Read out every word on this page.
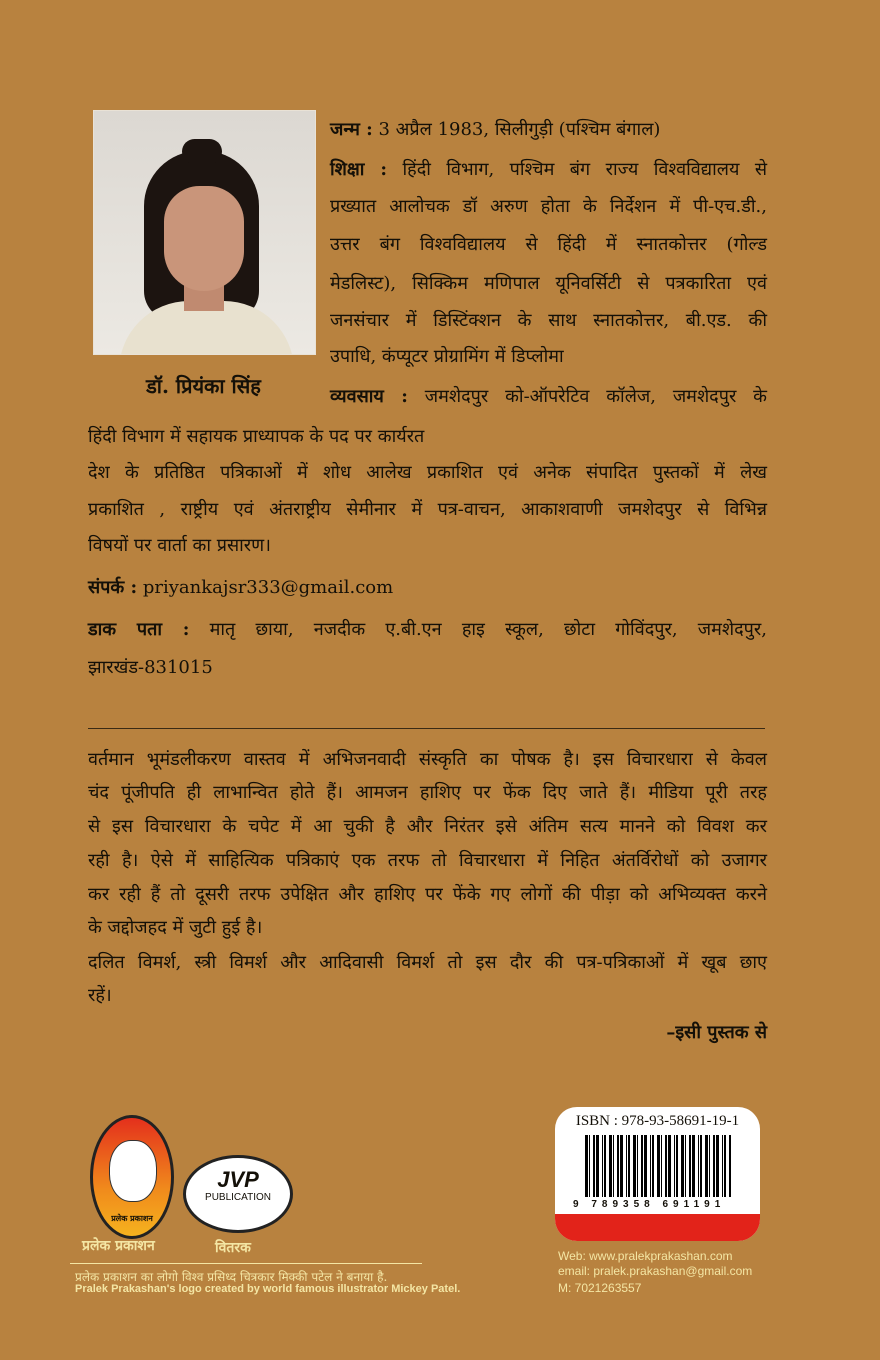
डॉ. प्रियंका सिंह
जन्म : 3 अप्रैल 1983, सिलीगुड़ी (पश्चिम बंगाल)
शिक्षा : हिंदी विभाग, पश्चिम बंग राज्य विश्वविद्यालय से
प्रख्यात आलोचक डॉ अरुण होता के निर्देशन में पी-एच.डी.,
उत्तर बंग विश्वविद्यालय से हिंदी में स्नातकोत्तर (गोल्ड
मेडलिस्ट), सिक्किम मणिपाल यूनिवर्सिटी से पत्रकारिता एवं
जनसंचार में डिस्टिंक्शन के साथ स्नातकोत्तर, बी.एड. की
उपाधि, कंप्यूटर प्रोग्रामिंग में डिप्लोमा
व्यवसाय : जमशेदपुर को-ऑपरेटिव कॉलेज, जमशेदपुर के
हिंदी विभाग में सहायक प्राध्यापक के पद पर कार्यरत
देश के प्रतिष्ठित पत्रिकाओं में शोध आलेख प्रकाशित एवं अनेक संपादित पुस्तकों में लेख
प्रकाशित , राष्ट्रीय एवं अंतराष्ट्रीय सेमीनार में पत्र-वाचन, आकाशवाणी जमशेदपुर से विभिन्न
विषयों पर वार्ता का प्रसारण।
संपर्क : priyankajsr333@gmail.com
डाक पता : मातृ छाया, नजदीक ए.बी.एन हाइ स्कूल, छोटा गोविंदपुर, जमशेदपुर,
झारखंड-831015
वर्तमान भूमंडलीकरण वास्तव में अभिजनवादी संस्कृति का पोषक है। इस विचारधारा से केवल
चंद पूंजीपति ही लाभान्वित होते हैं। आमजन हाशिए पर फेंक दिए जाते हैं। मीडिया पूरी तरह
से इस विचारधारा के चपेट में आ चुकी है और निरंतर इसे अंतिम सत्य मानने को विवश कर
रही है। ऐसे में साहित्यिक पत्रिकाएं एक तरफ तो विचारधारा में निहित अंतर्विरोधों को उजागर
कर रही हैं तो दूसरी तरफ उपेक्षित और हाशिए पर फेंके गए लोगों की पीड़ा को अभिव्यक्त करने
के जद्दोजहद में जुटी हुई है।
दलित विमर्श, स्त्री विमर्श और आदिवासी विमर्श तो इस दौर की पत्र-पत्रिकाओं में खूब छाए
रहें।
–इसी पुस्तक से
ISBN : 978-93-58691-19-1
9 789358 691191
Web: www.pralekprakashan.com
email: pralek.prakashan@gmail.com
M: 7021263557
प्रलेक प्रकाशन
प्रलेक प्रकाशन
JVP
PUBLICATION
वितरक
प्रलेक प्रकाशन का लोगो विश्व प्रसिध्द चित्रकार मिक्की पटेल ने बनाया है.
Pralek Prakashan's logo created by world famous illustrator Mickey Patel.
